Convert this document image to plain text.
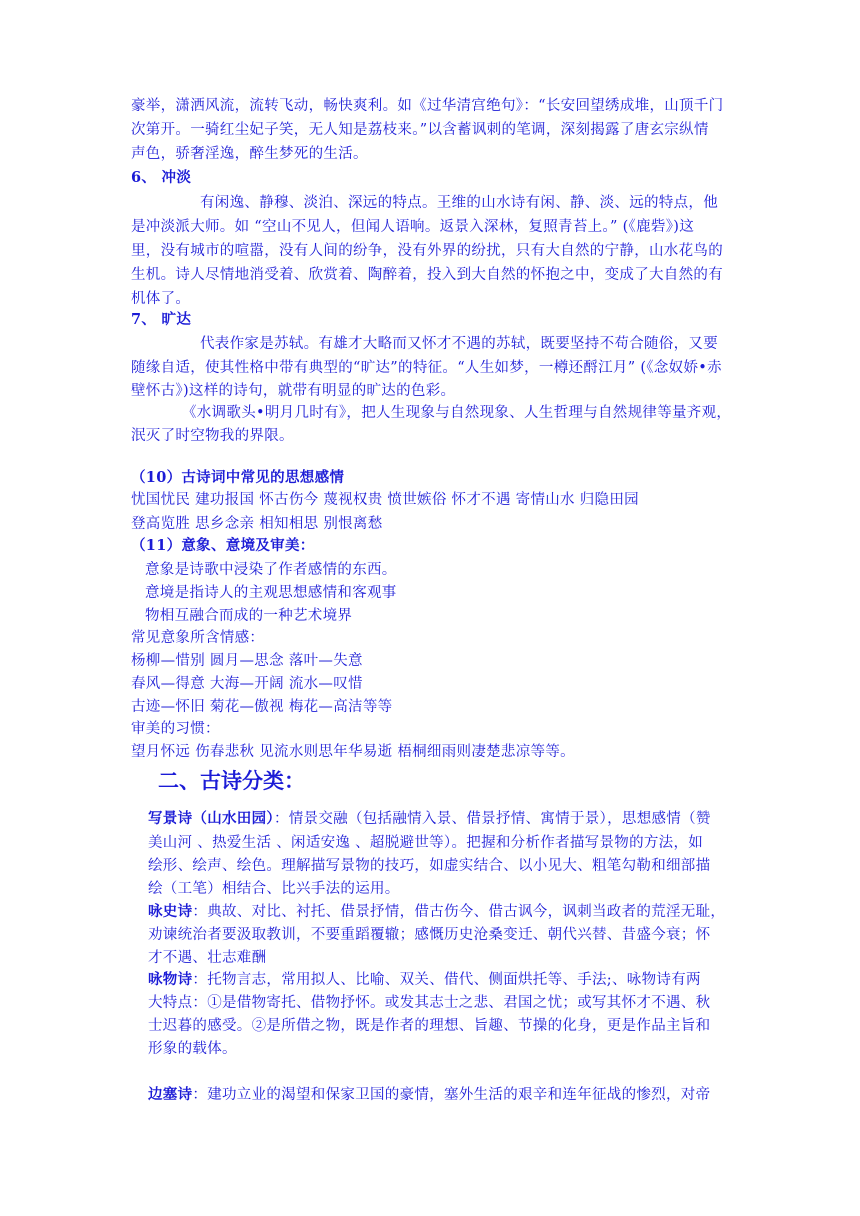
豪举，潇洒风流，流转飞动，畅快爽利。如《过华清宫绝句》：“长安回望绣成堆，山顶千门
次第开。一骑红尘妃子笑，无人知是荔枝来。”以含蓄讽刺的笔调，深刻揭露了唐玄宗纵情
声色，骄奢淫逸，醉生梦死的生活。
6、 冲淡
有闲逸、静穆、淡泊、深远的特点。王维的山水诗有闲、静、淡、远的特点，他
是冲淡派大师。如 “空山不见人，但闻人语响。返景入深林，复照青苔上。” (《鹿砦》)这
里，没有城市的喧嚣，没有人间的纷争，没有外界的纷扰，只有大自然的宁静，山水花鸟的
生机。诗人尽情地消受着、欣赏着、陶醉着，投入到大自然的怀抱之中，变成了大自然的有
机体了。
7、 旷达
代表作家是苏轼。有雄才大略而又怀才不遇的苏轼，既要坚持不苟合随俗，又要
随缘自适，使其性格中带有典型的“旷达”的特征。“人生如梦，一樽还酹江月” (《念奴娇•赤
壁怀古》)这样的诗句，就带有明显的旷达的色彩。
《水调歌头•明月几时有》，把人生现象与自然现象、人生哲理与自然规律等量齐观，
泯灭了时空物我的界限。
（10）古诗词中常见的思想感情
忧国忧民 建功报国 怀古伤今 蔑视权贵 愤世嫉俗 怀才不遇 寄情山水 归隐田园
登高览胜 思乡念亲 相知相思 别恨离愁
（11）意象、意境及审美：
意象是诗歌中浸染了作者感情的东西。
意境是指诗人的主观思想感情和客观事
物相互融合而成的一种艺术境界
常见意象所含情感：
杨柳—惜别 圆月—思念 落叶—失意
春风—得意 大海—开阔 流水—叹惜
古迹—怀旧 菊花—傲视 梅花—高洁等等
审美的习惯：
望月怀远 伤春悲秋 见流水则思年华易逝 梧桐细雨则凄楚悲凉等等。
二、古诗分类：
写景诗（山水田园）：情景交融（包括融情入景、借景抒情、寓情于景），思想感情（赞
美山河 、热爱生活 、闲适安逸 、超脱避世等）。把握和分析作者描写景物的方法，如
绘形、绘声、绘色。理解描写景物的技巧，如虚实结合、以小见大、粗笔勾勒和细部描
绘（工笔）相结合、比兴手法的运用。
咏史诗：典故、对比、衬托、借景抒情，借古伤今、借古讽今，讽刺当政者的荒淫无耻，
劝谏统治者要汲取教训，不要重蹈覆辙；感慨历史沧桑变迁、朝代兴替、昔盛今衰；怀
才不遇、壮志难酬
咏物诗：托物言志，常用拟人、比喻、双关、借代、侧面烘托等、手法;、咏物诗有两
大特点：①是借物寄托、借物抒怀。或发其志士之悲、君国之忧；或写其怀才不遇、秋
士迟暮的感受。②是所借之物，既是作者的理想、旨趣、节操的化身，更是作品主旨和
形象的载体。
边塞诗：建功立业的渴望和保家卫国的豪情，塞外生活的艰辛和连年征战的惨烈，对帝
